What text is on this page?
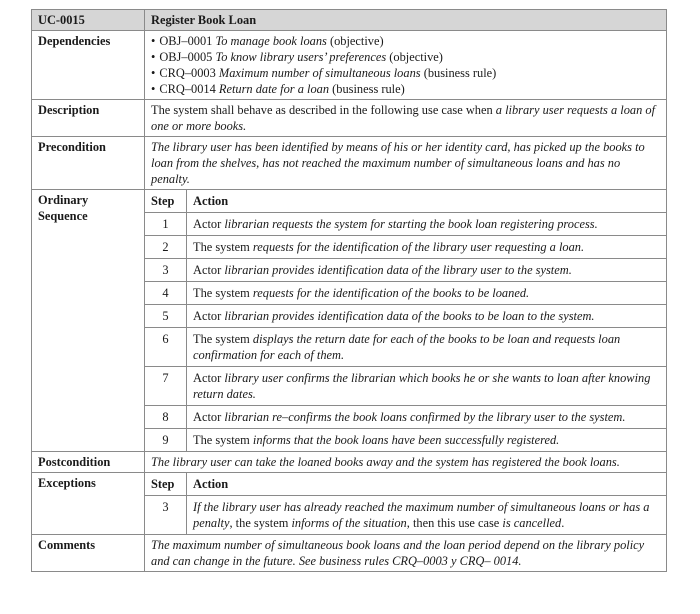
UC-0015	Register Book Loan
Dependencies	
•OBJ–0001 To manage book loans (objective)
• OBJ–0005 To know library users’ preferences (objective)
• CRQ–0003 Maximum number of simultaneous loans (business rule)
• CRQ–0014 Return date for a loan (business rule)

Description	The system shall behave as described in the following use case when a library user requests a loan of one or more books.
Precondition	The library user has been identified by means of his or her identity card, has picked up the books to loan from the shelves, has not reached the maximum number of simultaneous loans and has no penalty.
Ordinary
Sequence	
Step	Action
1	Actor librarian requests the system for starting the book loan registering process.
2	The system requests for the identification of the library user requesting a loan.
3	Actor librarian provides identification data of the library user to the system.
4	The system requests for the identification of the books to be loaned.
5	Actor librarian provides identification data of the books to be loan to the system.
6	The system displays the return date for each of the books to be loan and requests loan confirmation for each of them.
7	Actor library user confirms the librarian which books he or she wants to loan after knowing return dates.
8	Actor librarian re–confirms the book loans confirmed by the library user to the system.
9	The system informs that the book loans have been successfully registered.

Postcondition	The library user can take the loaned books away and the system has registered the book loans.
Exceptions		Step	Action
3	If the library user has already reached the maximum number of simultaneous loans or has a penalty, the system informs of the situation, then this use case is cancelled.

Comments	The maximum number of simultaneous book loans and the loan period depend on the library policy and can change in the future. See business rules CRQ–0003 y CRQ– 0014.
